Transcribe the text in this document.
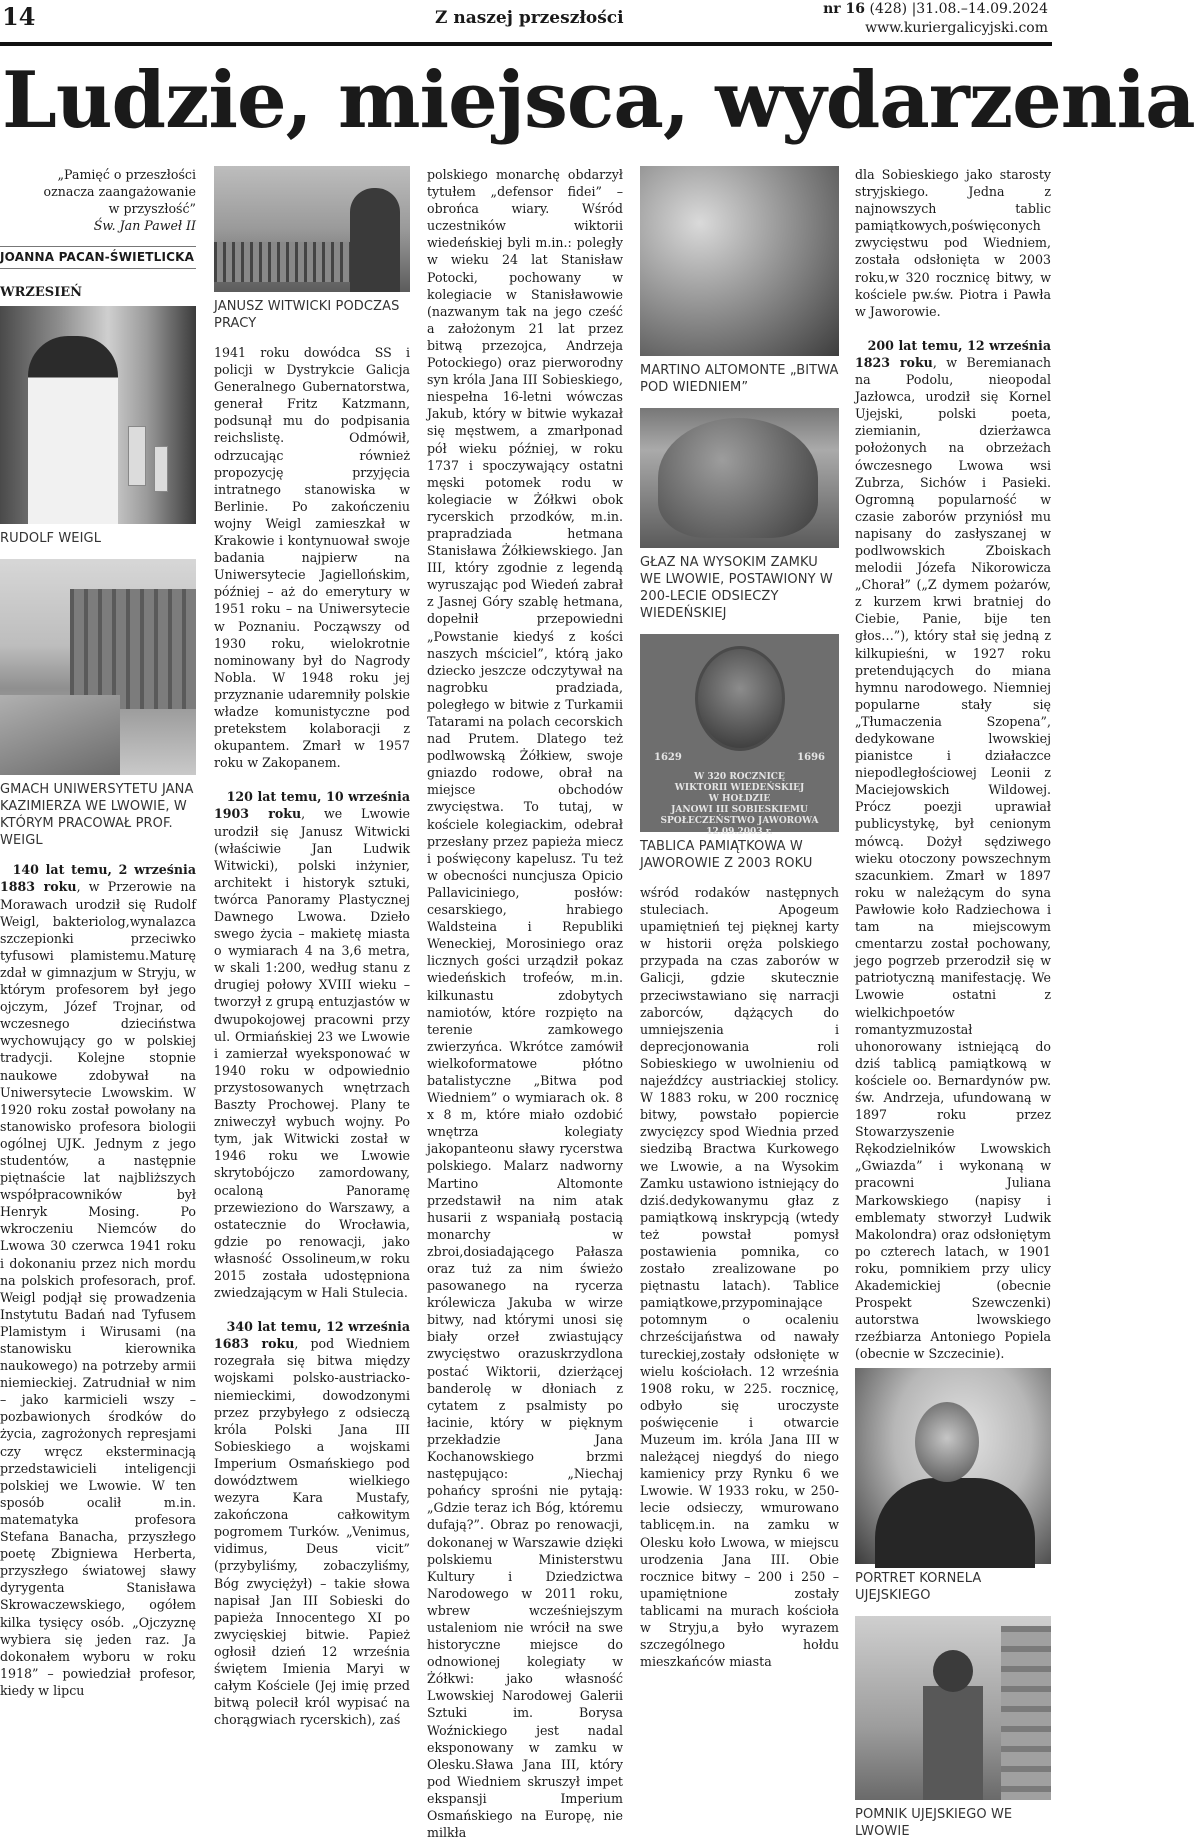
14	Z naszej przeszłości	nr 16 (428) |31.08.–14.09.2024
www.kuriergalicyjski.com
Ludzie, miejsca, wydarzenia
„Pamięć o przeszłości oznacza zaangażowanie w przyszłość”
Św. Jan Paweł II
JOANNA PACAN-ŚWIETLICKA
WRZESIEŃ
RUDOLF WEIGL
GMACH UNIWERSYTETU JANA KAZIMIERZA WE LWOWIE, W KTÓRYM PRACOWAŁ PROF. WEIGL

 140 lat temu, 2 września 1883 roku, w Przerowie na Morawach urodził się Rudolf Weigl, bakteriolog,wynalazca szczepionki przeciwko tyfusowi plamistemu.Maturę zdał w gimnazjum w Stryju, w którym profesorem był jego ojczym, Józef Trojnar, od wczesnego dzieciństwa wychowujący go w polskiej tradycji. Kolejne stopnie naukowe zdobywał na Uniwersytecie Lwowskim. W 1920 roku został powołany na stanowisko profesora biologii ogólnej UJK. Jednym z jego studentów, a następnie piętnaście lat najbliższych współpracowników był Henryk Mosing. Po wkroczeniu Niemców do Lwowa 30 czerwca 1941 roku i dokonaniu przez nich mordu na polskich profesorach, prof. Weigl podjął się prowadzenia Instytutu Badań nad Tyfusem Plamistym i Wirusami (na stanowisku kierownika naukowego) na potrzeby armii niemieckiej. Zatrudniał w nim – jako karmicieli wszy – pozbawionych środków do życia, zagrożonych represjami czy wręcz eksterminacją przedstawicieli inteligencji polskiej we Lwowie. W ten sposób ocalił m.in. matematyka profesora Stefana Banacha, przyszłego poetę Zbigniewa Herberta, przyszłego światowej sławy dyrygenta Stanisława Skrowaczewskiego, ogółem kilka tysięcy osób. „Ojczyznę wybiera się jeden raz. Ja dokonałem wyboru w roku 1918” – powiedział profesor, kiedy w lipcu

JANUSZ WITWICKI PODCZAS PRACY

1941 roku dowódca SS i policji w Dystrykcie Galicja Generalnego Gubernatorstwa, generał Fritz Katzmann, podsunął mu do podpisania reichslistę. Odmówił, odrzucając również propozycję przyjęcia intratnego stanowiska w Berlinie. Po zakończeniu wojny Weigl zamieszkał w Krakowie i kontynuował swoje badania najpierw na Uniwersytecie Jagiellońskim, później – aż do emerytury w 1951 roku – na Uniwersytecie w Poznaniu. Począwszy od 1930 roku, wielokrotnie nominowany był do Nagrody Nobla. W 1948 roku jej przyznanie udaremniły polskie władze komunistyczne pod pretekstem kolaboracji z okupantem. Zmarł w 1957 roku w Zakopanem.

 120 lat temu, 10 września 1903 roku, we Lwowie urodził się Janusz Witwicki (właściwie Jan Ludwik Witwicki), polski inżynier, architekt i historyk sztuki, twórca Panoramy Plastycznej Dawnego Lwowa. Dzieło swego życia – makietę miasta o wymiarach 4 na 3,6 metra, w skali 1:200, według stanu z drugiej połowy XVIII wieku – tworzył z grupą entuzjastów w dwupokojowej pracowni przy ul. Ormiańskiej 23 we Lwowie i zamierzał wyeksponować w 1940 roku w odpowiednio przystosowanych wnętrzach Baszty Prochowej. Plany te zniweczył wybuch wojny. Po tym, jak Witwicki został w 1946 roku we Lwowie skrytobójczo zamordowany, ocaloną Panoramę przewieziono do Warszawy, a ostatecznie do Wrocławia, gdzie po renowacji, jako własność Ossolineum,w roku 2015 została udostępniona zwiedzającym w Hali Stulecia.

 340 lat temu, 12 września 1683 roku, pod Wiedniem rozegrała się bitwa między wojskami polsko-austriacko-niemieckimi, dowodzonymi przez przybyłego z odsieczą króla Polski Jana III Sobieskiego a wojskami Imperium Osmańskiego pod dowództwem wielkiego wezyra Kara Mustafy, zakończona całkowitym pogromem Turków. „Venimus, vidimus, Deus vicit” (przybyliśmy, zobaczyliśmy, Bóg zwyciężył) – takie słowa napisał Jan III Sobieski do papieża Innocentego XI po zwycięskiej bitwie. Papież ogłosił dzień 12 września świętem Imienia Maryi w całym Kościele (Jej imię przed bitwą polecił król wypisać na chorągwiach rycerskich), zaś

polskiego monarchę obdarzył tytułem „defensor fidei” – obrońca wiary. Wśród uczestników wiktorii wiedeńskiej byli m.in.: poległy w wieku 24 lat Stanisław Potocki, pochowany w kolegiacie w Stanisławowie (nazwanym tak na jego cześć a założonym 21 lat przez bitwą przezojca, Andrzeja Potockiego) oraz pierworodny syn króla Jana III Sobieskiego, niespełna 16-letni wówczas Jakub, który w bitwie wykazał się męstwem, a zmarłponad pół wieku później, w roku 1737 i spoczywający ostatni męski potomek rodu w kolegiacie w Żółkwi obok rycerskich przodków, m.in. prapradziada hetmana Stanisława Żółkiewskiego. Jan III, który zgodnie z legendą wyruszając pod Wiedeń zabrał z Jasnej Góry szablę hetmana, dopełnił przepowiedni „Powstanie kiedyś z kości naszych mściciel”, którą jako dziecko jeszcze odczytywał na nagrobku pradziada, poległego w bitwie z Turkamii Tatarami na polach cecorskich nad Prutem. Dlatego też podlwowską Żółkiew, swoje gniazdo rodowe, obrał na miejsce obchodów zwycięstwa. To tutaj, w kościele kolegiackim, odebrał przesłany przez papieża miecz i poświęcony kapelusz. Tu też w obecności nuncjusza Opicio Pallaviciniego, posłów: cesarskiego, hrabiego Waldsteina i Republiki Weneckiej, Morosiniego oraz licznych gości urządził pokaz wiedeńskich trofeów, m.in. kilkunastu zdobytych namiotów, które rozpięto na terenie zamkowego zwierzyńca. Wkrótce zamówił wielkoformatowe płótno batalistyczne „Bitwa pod Wiedniem” o wymiarach ok. 8 x 8 m, które miało ozdobić wnętrza kolegiaty jakopantеonu sławy rycerstwa polskiego. Malarz nadworny Martino Altomonte przedstawił na nim atak husarii z wspaniałą postacią monarchy w zbroi,dosiadającego Pałasza oraz tuż za nim świeżo pasowanego na rycerza królewicza Jakuba w wirze bitwy, nad którymi unosi się biały orzeł zwiastujący zwycięstwo orazuskrzydlona postać Wiktorii, dzierżącej banderolę w dłoniach z cytatem z psalmisty po łacinie, który w pięknym przekładzie Jana Kochanowskiego brzmi następująco: „Niechaj pohańcy sprośni nie pytają: „Gdzie teraz ich Bóg, któremu dufają?”. Obraz po renowacji, dokonanej w Warszawie dzięki polskiemu Ministerstwu Kultury i Dziedzictwa Narodowego w 2011 roku, wbrew wcześniejszym ustaleniom nie wrócił na swe historyczne miejsce do odnowionej kolegiaty w Żółkwi: jako własność Lwowskiej Narodowej Galerii Sztuki im. Borysa Woźnickiego jest nadal eksponowany w zamku w Olesku.Sława Jana III, który pod Wiedniem skruszył impet ekspansji Imperium Osmańskiego na Europę, nie milkła

MARTINO ALTOMONTE „BITWA POD WIEDNIEM”
GŁAZ NA WYSOKIM ZAMKU WE LWOWIE, POSTAWIONY W 200-LECIE ODSIECZY WIEDEŃSKIEJ
1629	1696
W 320 ROCZNICĘ
WIKTORII WIEDEŃSKIEJ
W HOŁDZIE
JANOWI III SOBIESKIEMU
SPOŁECZEŃSTWO JAWOROWA
12.09.2003 r.
TABLICA PAMIĄTKOWA W JAWOROWIE Z 2003 ROKU

wśród rodaków następnych stuleciach. Apogeum upamiętnień tej pięknej karty w historii oręża polskiego przypada na czas zaborów w Galicji, gdzie skutecznie przeciwstawiano się narracji zaborców, dążących do umniejszenia i deprecjonowania roli Sobieskiego w uwolnieniu od najeźdźcy austriackiej stolicy. W 1883 roku, w 200 rocznicę bitwy, powstało popierсie zwycięzcy spod Wiednia przed siedzibą Bractwa Kurkowego we Lwowie, a na Wysokim Zamku ustawiono istniejący do dziś.dedykowanymu głaz z pamiątkową inskrypcją (wtedy też powstał pomysł postawienia pomnika, co zostało zrealizowane po piętnastu latach). Tablice pamiątkowe,przypominające potomnym o ocaleniu chrześcijaństwa od nawały tureckiej,zostały odsłonięte w wielu kościołach. 12 września 1908 roku, w 225. rocznicę, odbyło się uroczyste poświęcenie i otwarcie Muzeum im. króla Jana III w należącej niegdyś do niego kamienicy przy Rynku 6 we Lwowie. W 1933 roku, w 250-lecie odsieczy, wmurowano tablicęm.in. na zamku w Olesku koło Lwowa, w miejscu urodzenia Jana III. Obie rocznice bitwy – 200 i 250 – upamiętnione zostały tablicami na murach kościoła w Stryju,a było wyrazem szczególnego hołdu mieszkańców miasta

dla Sobieskiego jako starosty stryjskiego. Jedna z najnowszych tablic pamiątkowych,poświęconych zwycięstwu pod Wiedniem, została odsłonięta w 2003 roku,w 320 rocznicę bitwy, w kościele pw.św. Piotra i Pawła w Jaworowie.

 200 lat temu, 12 września 1823 roku, w Beremianach na Podolu, nieopodal Jazłowca, urodził się Kornel Ujejski, polski poeta, ziemianin, dzierżawca położonych na obrzeżach ówczesnego Lwowa wsi Zubrza, Sichów i Pasieki. Ogromną popularność w czasie zaborów przyniósł mu napisany do zasłyszanej w podlwowskich Zboiskach melodii Józefa Nikorowicza „Chorał” („Z dymem pożarów, z kurzem krwi bratniej do Ciebie, Panie, bije ten głos…”), który stał się jedną z kilkupieśni, w 1927 roku pretendujących do miana hymnu narodowego. Niemniej popularne stały się „Tłumaczenia Szopena”, dedykowane lwowskiej pianistce i działaczce niepodległościowej Leonii z Maciejowskich Wildowej. Prócz poezji uprawiał publicystykę, był cenionym mówcą. Dożył sędziwego wieku otoczony powszechnym szacunkiem. Zmarł w 1897 roku w należącym do syna Pawłowie koło Radziechowa i tam na miejscowym cmentarzu został pochowany, jego pogrzeb przerodził się w patriotyczną manifestację. We Lwowie ostatni z wielkichpoetów romantyzmuzostał uhonorowany istniejącą do dziś tablicą pamiątkową w kościele oo. Bernardynów pw. św. Andrzeja, ufundowaną w 1897 roku przez Stowarzyszenie Rękodzielników Lwowskich „Gwiazda” i wykonaną w pracowni Juliana Markowskiego (napisy i emblematy stworzył Ludwik Makolondra) oraz odsłoniętym po czterech latach, w 1901 roku, pomnikiem przy ulicy Akademickiej (obecnie Prospekt Szewczenki) autorstwa lwowskiego rzeźbiarza Antoniego Popiela (obecnie w Szczecinie).

PORTRET KORNELA UJEJSKIEGO
POMNIK UJEJSKIEGO WE LWOWIE
